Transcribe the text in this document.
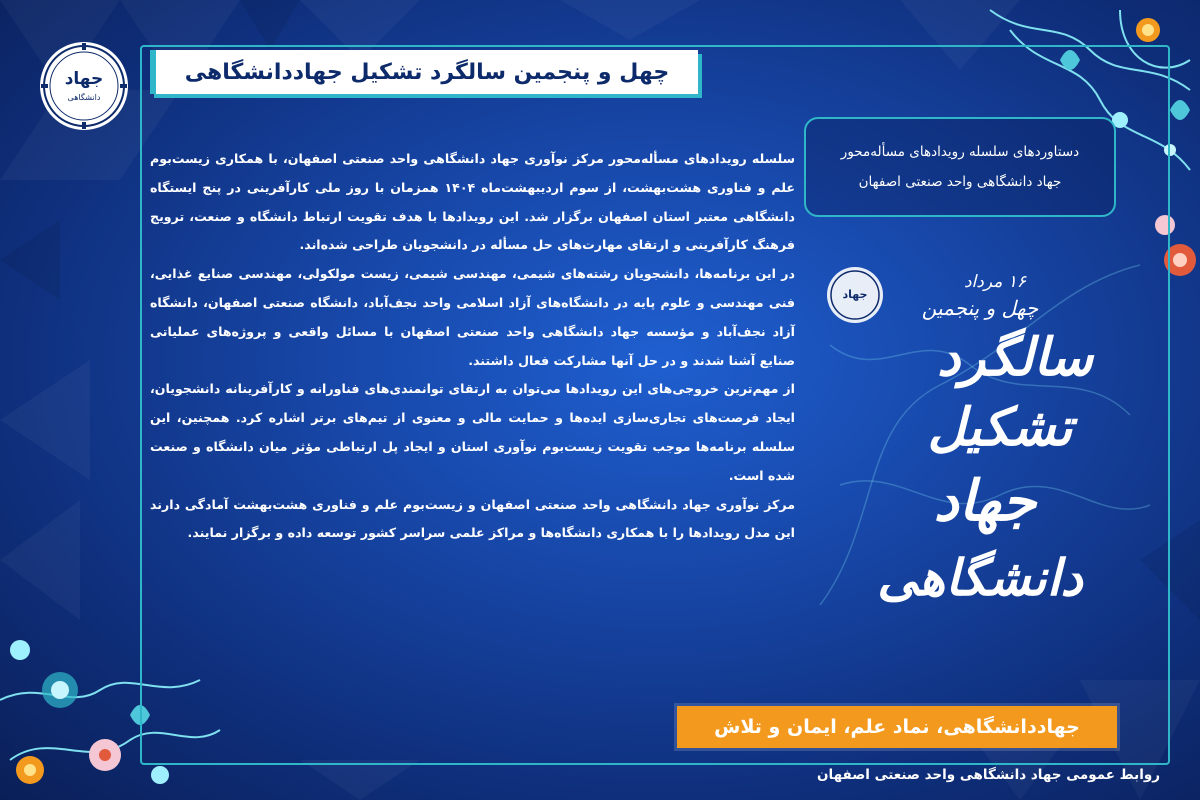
جهاد
دانشگاهی
چهل و پنجمین سالگرد تشکیل جهاددانشگاهی
دستاوردهای سلسله رویدادهای مسأله‌محور
جهاد دانشگاهی واحد صنعتی اصفهان

سلسله رویدادهای مسأله‌محور مرکز نوآوری جهاد دانشگاهی واحد صنعتی اصفهان، با همکاری زیست‌بوم علم و فناوری هشت‌بهشت، از سوم اردیبهشت‌ماه ۱۴۰۴ همزمان با روز ملی کارآفرینی در پنج ایستگاه دانشگاهی معتبر استان اصفهان برگزار شد. این رویدادها با هدف تقویت ارتباط دانشگاه و صنعت، ترویج فرهنگ کارآفرینی و ارتقای مهارت‌های حل مسأله در دانشجویان طراحی شده‌اند.

در این برنامه‌ها، دانشجویان رشته‌های شیمی، مهندسی شیمی، زیست مولکولی، مهندسی صنایع غذایی، فنی مهندسی و علوم پایه در دانشگاه‌های آزاد اسلامی واحد نجف‌آباد، دانشگاه صنعتی اصفهان، دانشگاه آزاد نجف‌آباد و مؤسسه جهاد دانشگاهی واحد صنعتی اصفهان با مسائل واقعی و پروژه‌های عملیاتی صنایع آشنا شدند و در حل آنها مشارکت فعال داشتند.

از مهم‌ترین خروجی‌های این رویدادها می‌توان به ارتقای توانمندی‌های فناورانه و کارآفرینانه دانشجویان، ایجاد فرصت‌های تجاری‌سازی ایده‌ها و حمایت مالی و معنوی از تیم‌های برتر اشاره کرد. همچنین، این سلسله برنامه‌ها موجب تقویت زیست‌بوم نوآوری استان و ایجاد پل ارتباطی مؤثر میان دانشگاه و صنعت شده است.

مرکز نوآوری جهاد دانشگاهی واحد صنعتی اصفهان و زیست‌بوم علم و فناوری هشت‌بهشت آمادگی دارند این مدل رویدادها را با همکاری دانشگاه‌ها و مراکز علمی سراسر کشور توسعه داده و برگزار نمایند.

جهاد
۱۶ مرداد
چهل و پنجمین
سالگرد
تشکیل
جهاد
دانشگاهی
جهاددانشگاهی، نماد علم، ایمان و تلاش
روابط عمومی جهاد دانشگاهی واحد صنعتی اصفهان
